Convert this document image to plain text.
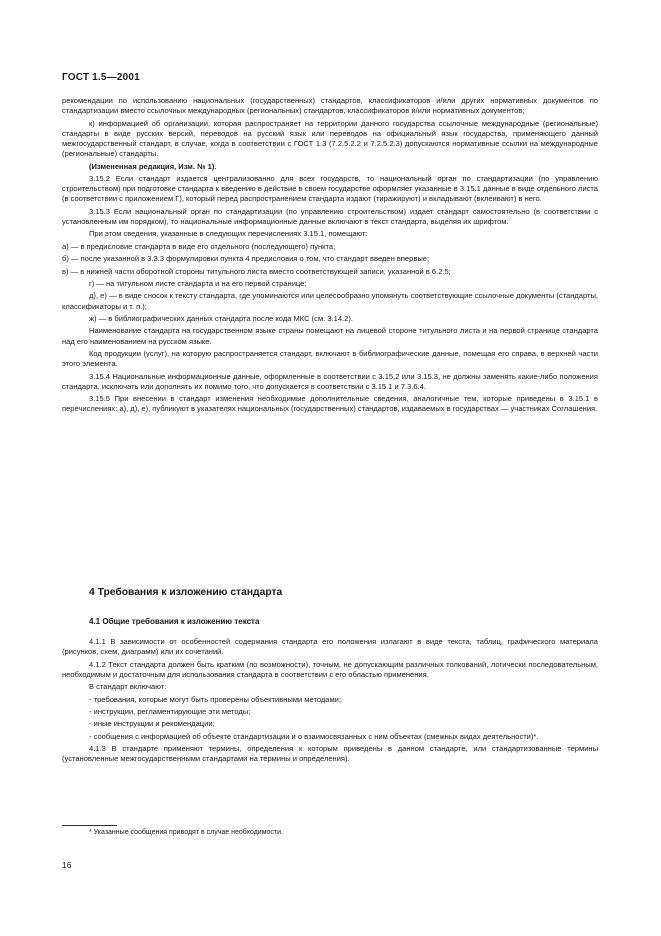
ГОСТ 1.5—2001

рекомендации по использованию национальных (государственных) стандартов, классификаторов и/или других нормативных документов по стандартизации вместо ссылочных международных (региональных) стандартов, классификаторов и/или нормативных документов;

к) информацией об организации, которая распространяет на территории данного государства ссылочные международные (региональные) стандарты в виде русских версий, переводов на русский язык или переводов на официальный язык государства, применяющего данный межгосударственный стандарт, в случае, когда в соответствии с ГОСТ 1.3 (7.2.5.2.2 и 7.2.5.2.3) допускаются нормативные ссылки на международные (региональные) стандарты.

(Измененная редакция, Изм. № 1).

3.15.2 Если стандарт издается централизованно для всех государств, то национальный орган по стандартизации (по управлению строительством) при подготовке стандарта к введению в действие в своем государстве оформляет указанные в 3.15.1 данные в виде отдельного листа (в соответствии с приложением Г), который перед распространением стандарта издают (тиражируют) и вкладывают (вклеивают) в него.

3.15.3 Если национальный орган по стандартизации (по управлению строительством) издает стандарт самостоятельно (в соответствии с установленным им порядком), то национальные информационные данные включают в текст стандарта, выделяя их шрифтом.

При этом сведения, указанные в следующих перечислениях 3.15.1, помещают:

а) — в предисловие стандарта в виде его отдельного (последующего) пункта;

б) — после указанной в 3.3.3 формулировки пункта 4 предисловия о том, что стандарт введен впервые;

в) — в нижней части оборотной стороны титульного листа вместо соответствующей записи, указанной в 6.2.5;

г) — на титульном листе стандарта и на его первой странице;

д), е) — в виде сносок к тексту стандарта, где упоминаются или целесообразно упомянуть соответствующие ссылочные документы (стандарты, классификаторы и т. п.);

ж) — в библиографических данных стандарта после кода МКС (см. 3.14.2).

Наименование стандарта на государственном языке страны помещают на лицевой стороне титульного листа и на первой странице стандарта над его наименованием на русском языке.

Код продукции (услуг), на которую распространяется стандарт, включают в библиографические данные, помещая его справа, в верхней части этого элемента.

3.15.4 Национальные информационные данные, оформленные в соответствии с 3.15.2 или 3.15.3, не должны заменять какие-либо положения стандарта, исключать или дополнять их помимо того, что допускается в соответствии с 3.15.1 и 7.3.6.4.

3.15.5 При внесении в стандарт изменения необходимые дополнительные сведения, аналогичные тем, которые приведены в 3.15.1 в перечислениях: а), д), е), публикуют в указателях национальных (государственных) стандартов, издаваемых в государствах — участниках Соглашения.

4 Требования к изложению стандарта
4.1 Общие требования к изложению текста

4.1.1 В зависимости от особенностей содержания стандарта его положения излагают в виде текста, таблиц, графического материала (рисунков, схем, диаграмм) или их сочетаний.

4.1.2 Текст стандарта должен быть кратким (по возможности), точным, не допускающим различных толкований, логически последовательным, необходимым и достаточным для использования стандарта в соответствии с его областью применения.

В стандарт включают:

- требования, которые могут быть проверены объективными методами;

- инструкции, регламентирующие эти методы;

- иные инструкции и рекомендации;

- сообщения с информацией об объекте стандартизации и о взаимосвязанных с ним объектах (смежных видах деятельности)*.

4.1.3 В стандарте применяют термины, определения к которым приведены в данном стандарте, или стандартизованные термины (установленные межгосударственными стандартами на термины и определения).

* Указанные сообщения приводят в случае необходимости.
16
